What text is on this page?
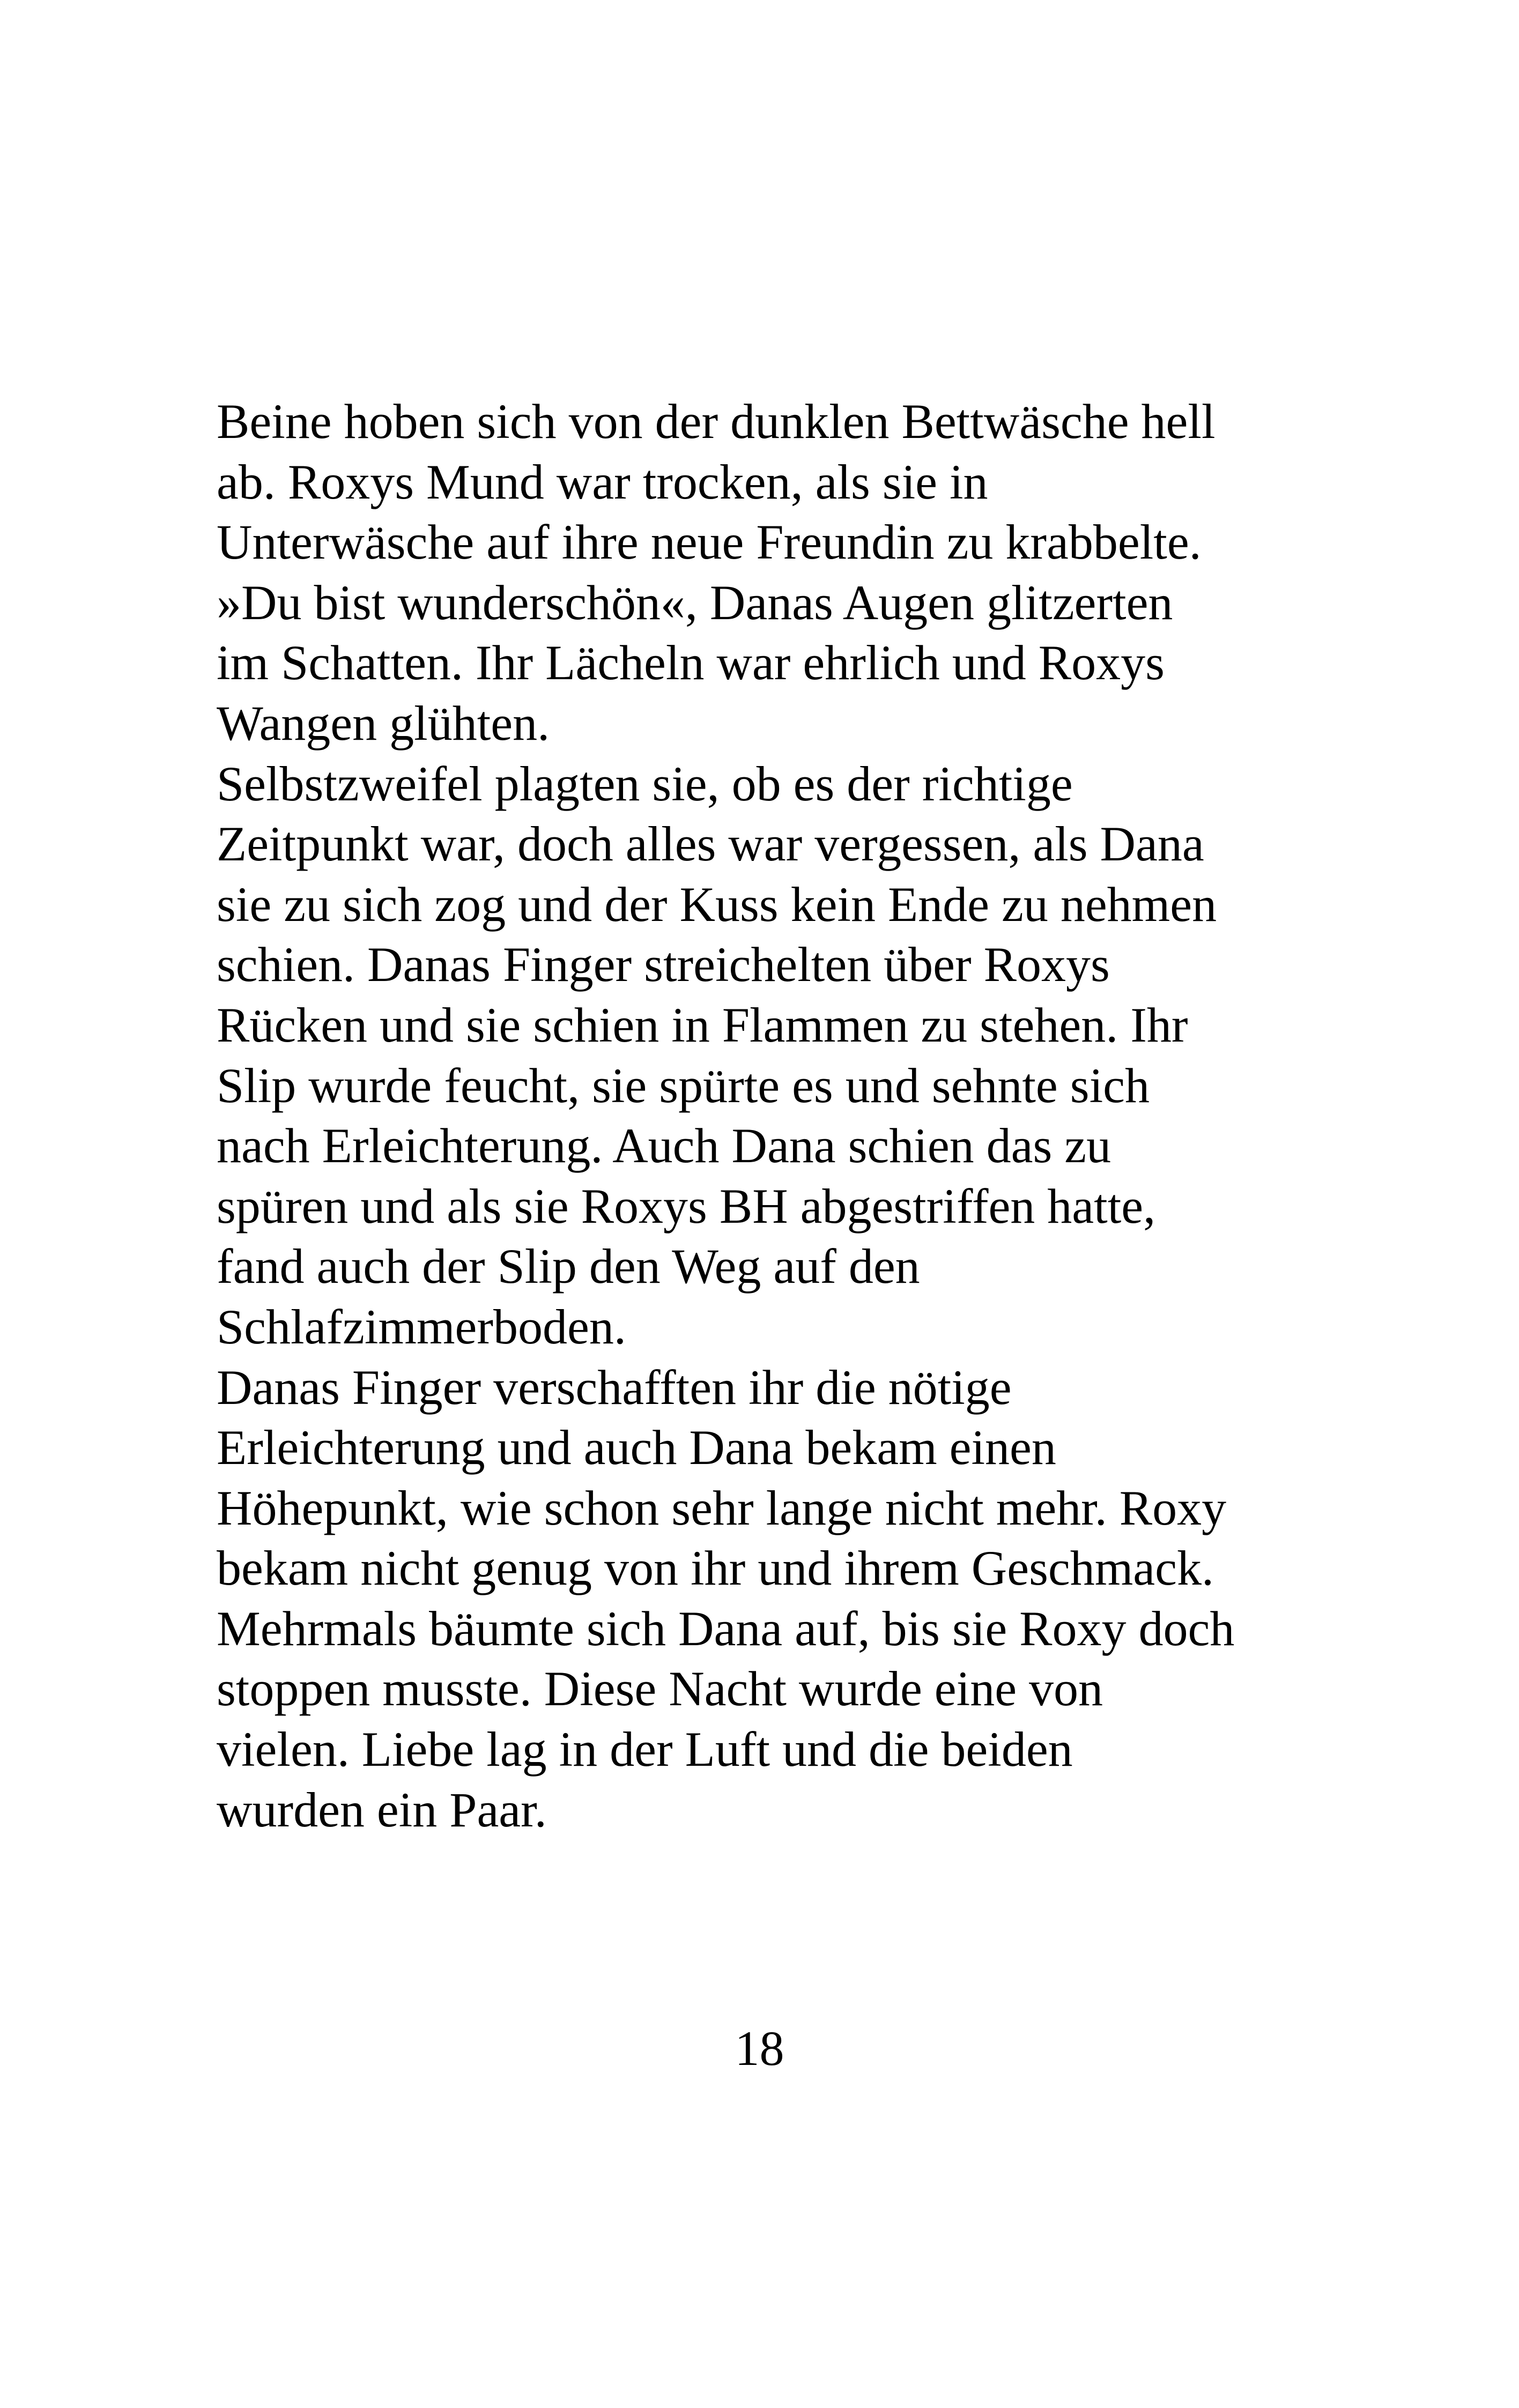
Beine hoben sich von der dunklen Bettwäsche hell
ab. Roxys Mund war trocken, als sie in
Unterwäsche auf ihre neue Freundin zu krabbelte.
»Du bist wunderschön«, Danas Augen glitzerten
im Schatten. Ihr Lächeln war ehrlich und Roxys
Wangen glühten.
Selbstzweifel plagten sie, ob es der richtige
Zeitpunkt war, doch alles war vergessen, als Dana
sie zu sich zog und der Kuss kein Ende zu nehmen
schien. Danas Finger streichelten über Roxys
Rücken und sie schien in Flammen zu stehen. Ihr
Slip wurde feucht, sie spürte es und sehnte sich
nach Erleichterung. Auch Dana schien das zu
spüren und als sie Roxys BH abgestriffen hatte,
fand auch der Slip den Weg auf den
Schlafzimmerboden.
Danas Finger verschafften ihr die nötige
Erleichterung und auch Dana bekam einen
Höhepunkt, wie schon sehr lange nicht mehr. Roxy
bekam nicht genug von ihr und ihrem Geschmack.
Mehrmals bäumte sich Dana auf, bis sie Roxy doch
stoppen musste. Diese Nacht wurde eine von
vielen. Liebe lag in der Luft und die beiden
wurden ein Paar.
18
